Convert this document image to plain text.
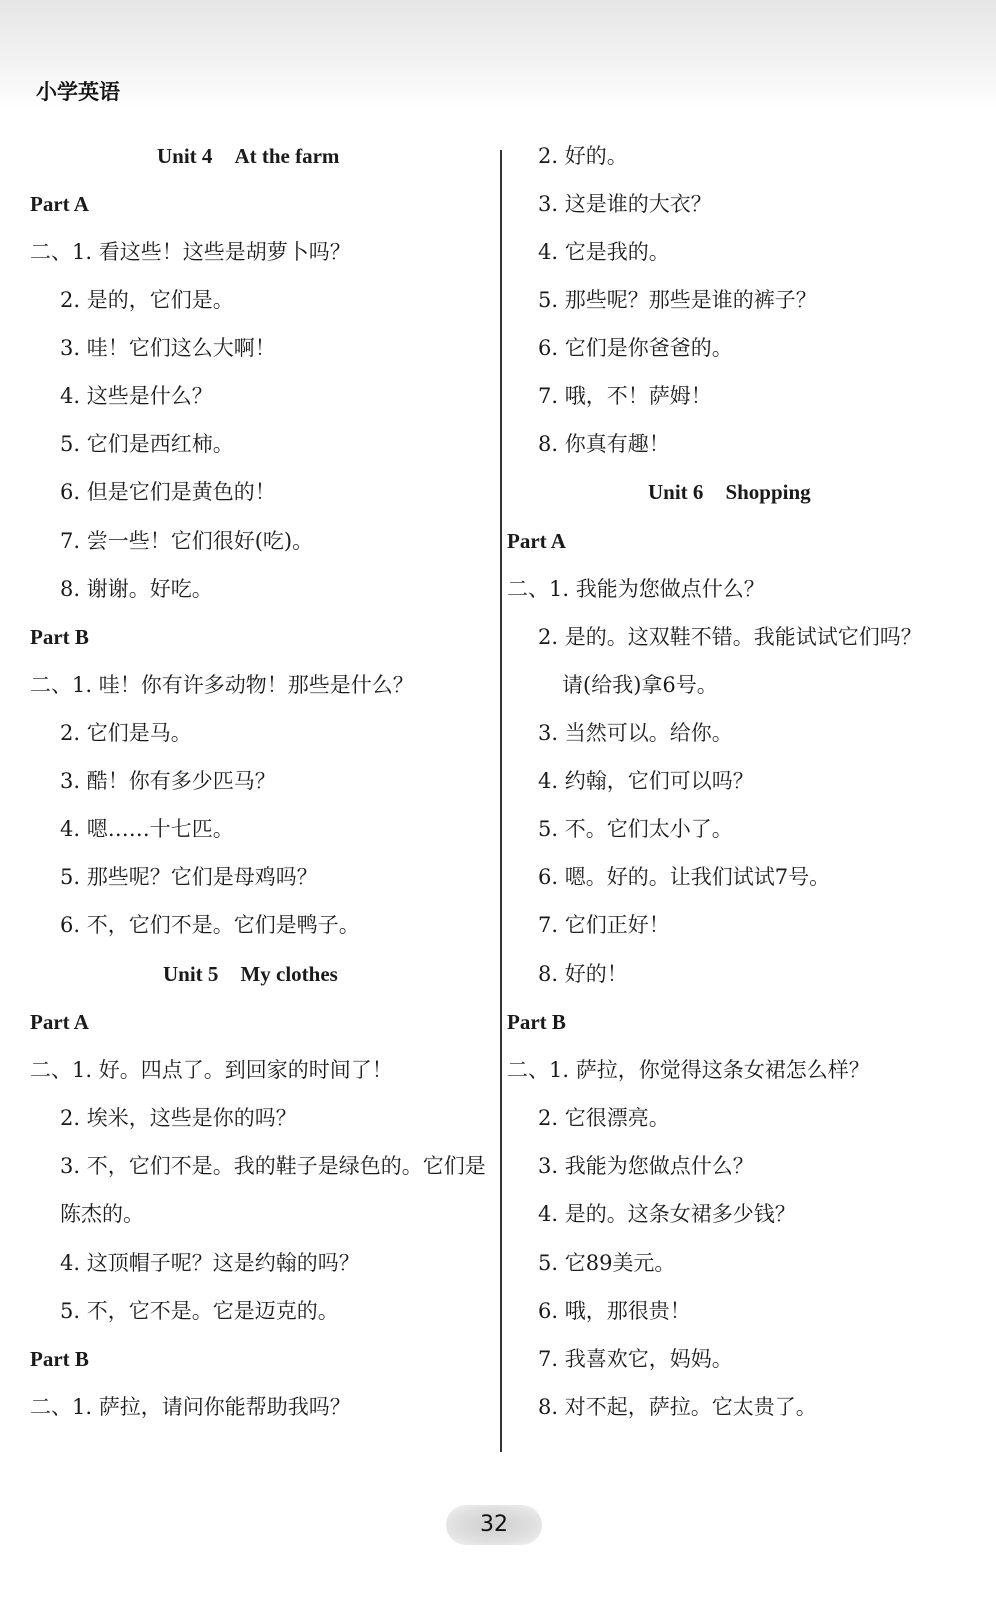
小学英语
Unit 4 At the farm
Part A
二、1. 看这些！这些是胡萝卜吗？
2. 是的，它们是。
3. 哇！它们这么大啊！
4. 这些是什么？
5. 它们是西红柿。
6. 但是它们是黄色的！
7. 尝一些！它们很好(吃)。
8. 谢谢。好吃。
Part B
二、1. 哇！你有许多动物！那些是什么？
2. 它们是马。
3. 酷！你有多少匹马？
4. 嗯……十七匹。
5. 那些呢？它们是母鸡吗？
6. 不，它们不是。它们是鸭子。
Unit 5 My clothes
Part A
二、1. 好。四点了。到回家的时间了！
2. 埃米，这些是你的吗？
3. 不，它们不是。我的鞋子是绿色的。它们是
陈杰的。
4. 这顶帽子呢？这是约翰的吗？
5. 不，它不是。它是迈克的。
Part B
二、1. 萨拉，请问你能帮助我吗？
2. 好的。
3. 这是谁的大衣？
4. 它是我的。
5. 那些呢？那些是谁的裤子？
6. 它们是你爸爸的。
7. 哦，不！萨姆！
8. 你真有趣！
Unit 6 Shopping
Part A
二、1. 我能为您做点什么？
2. 是的。这双鞋不错。我能试试它们吗？
请(给我)拿6号。
3. 当然可以。给你。
4. 约翰，它们可以吗？
5. 不。它们太小了。
6. 嗯。好的。让我们试试7号。
7. 它们正好！
8. 好的！
Part B
二、1. 萨拉，你觉得这条女裙怎么样？
2. 它很漂亮。
3. 我能为您做点什么？
4. 是的。这条女裙多少钱？
5. 它89美元。
6. 哦，那很贵！
7. 我喜欢它，妈妈。
8. 对不起，萨拉。它太贵了。
32
